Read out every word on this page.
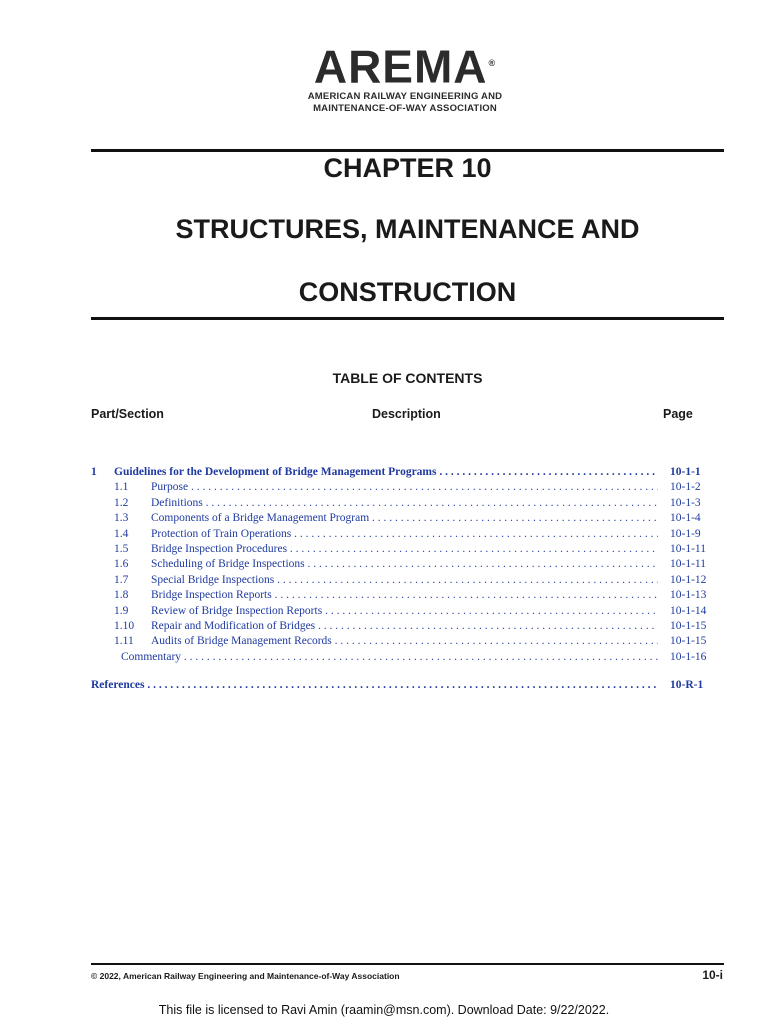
AREMA®
AMERICAN RAILWAY ENGINEERING AND
MAINTENANCE-OF-WAY ASSOCIATION
CHAPTER 10
STRUCTURES, MAINTENANCE AND
CONSTRUCTION
TABLE OF CONTENTS
Part/Section	Description	Page
1 Guidelines for the Development of Bridge Management Programs . . .	10-1-1
1.1 Purpose . . .	10-1-2
1.2 Definitions . . .	10-1-3
1.3 Components of a Bridge Management Program . . .	10-1-4
1.4 Protection of Train Operations . . .	10-1-9
1.5 Bridge Inspection Procedures . . .	10-1-11
1.6 Scheduling of Bridge Inspections . . .	10-1-11
1.7 Special Bridge Inspections . . .	10-1-12
1.8 Bridge Inspection Reports . . .	10-1-13
1.9 Review of Bridge Inspection Reports . . .	10-1-14
1.10 Repair and Modification of Bridges . . .	10-1-15
1.11 Audits of Bridge Management Records . . .	10-1-15
Commentary . . .	10-1-16
References . . .	10-R-1
© 2022, American Railway Engineering and Maintenance-of-Way Association	10-i
This file is licensed to Ravi Amin (raamin@msn.com). Download Date: 9/22/2022.
